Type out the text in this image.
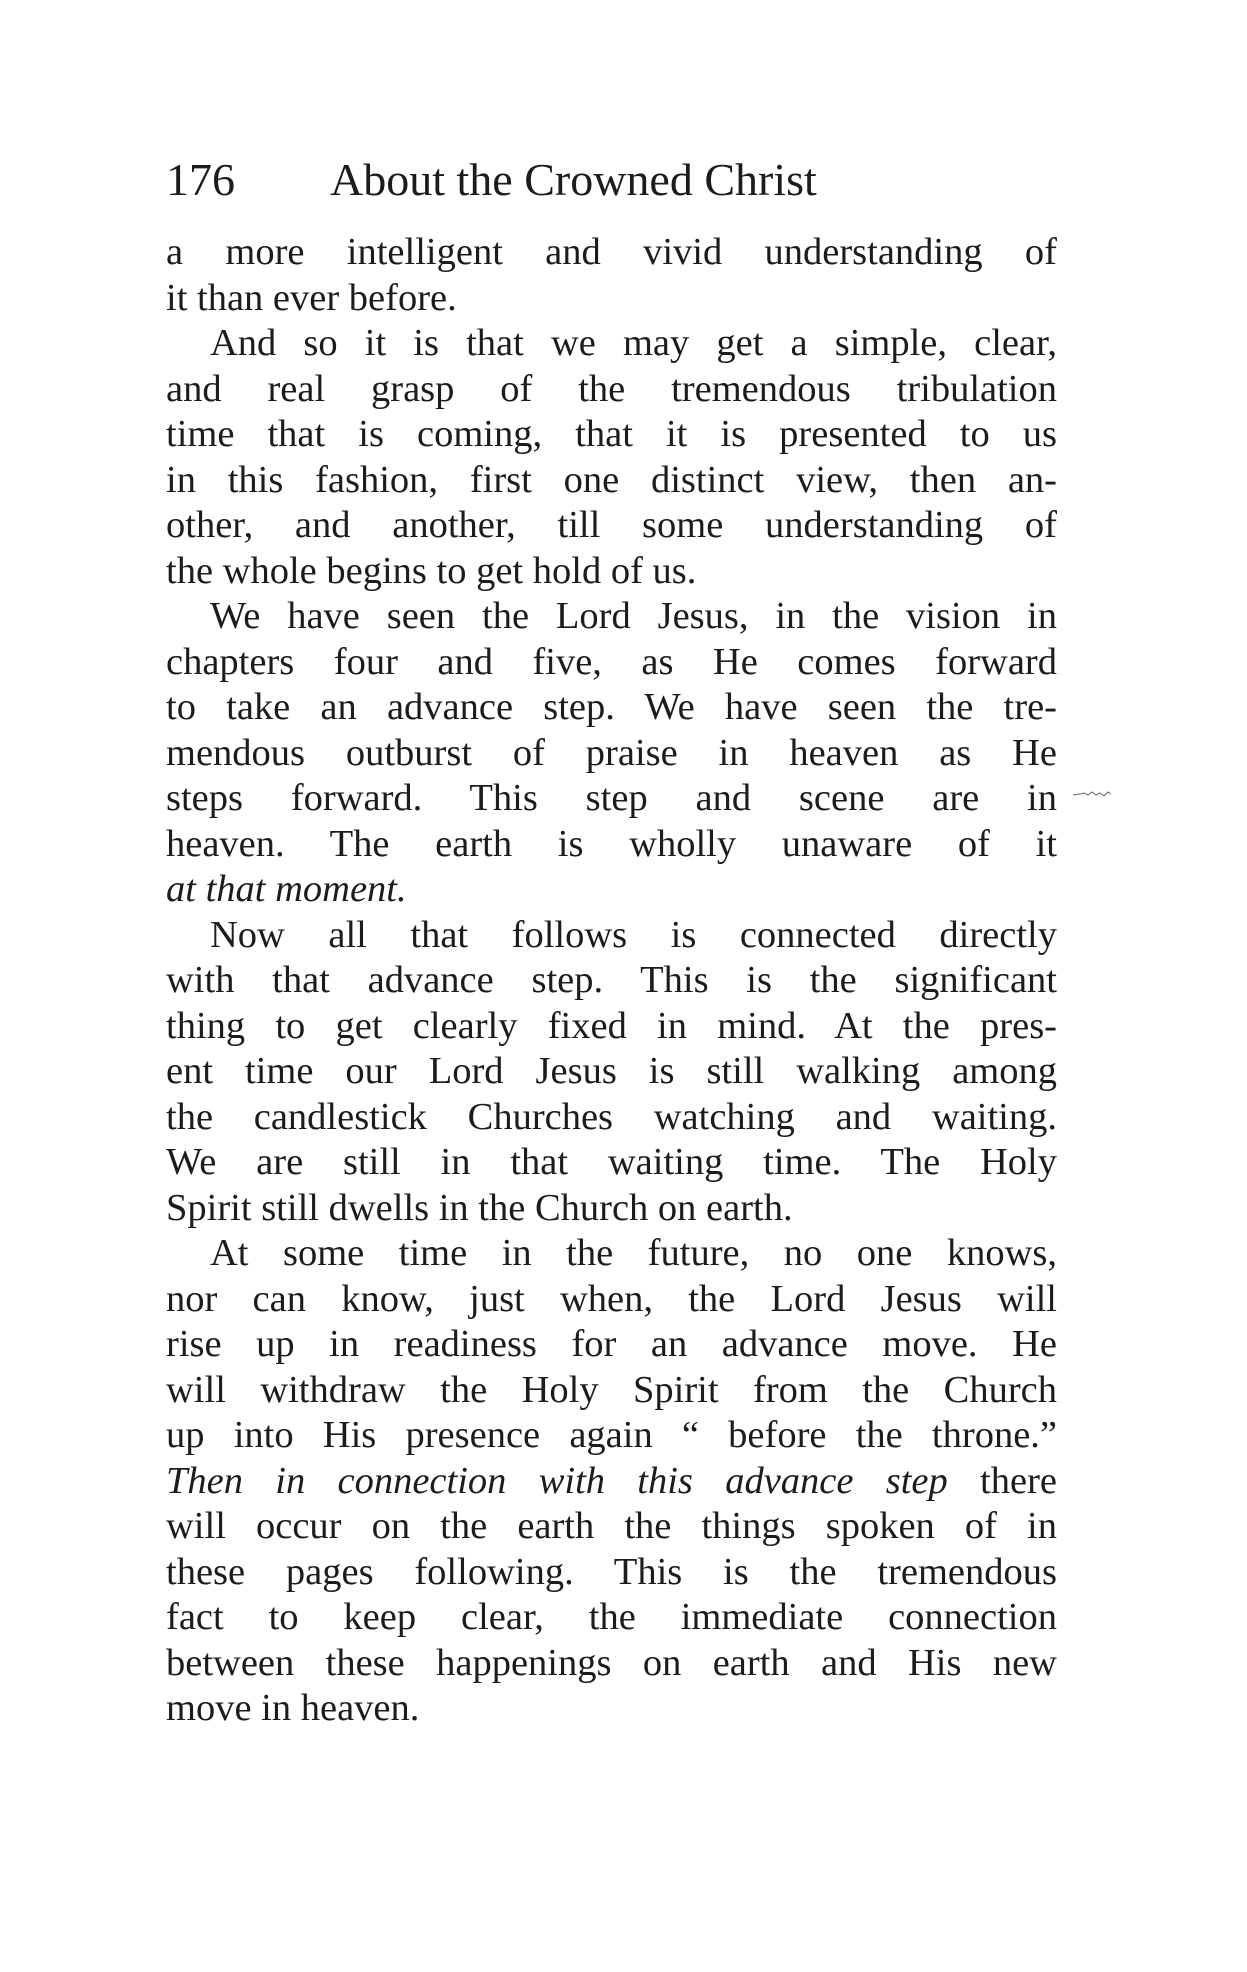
176 About the Crowned Christ
a more intelligent and vivid understanding of
it than ever before.
And so it is that we may get a simple, clear,
and real grasp of the tremendous tribulation
time that is coming, that it is presented to us
in this fashion, first one distinct view, then an-
other, and another, till some understanding of
the whole begins to get hold of us.
We have seen the Lord Jesus, in the vision in
chapters four and five, as He comes forward
to take an advance step. We have seen the tre-
mendous outburst of praise in heaven as He
steps forward. This step and scene are in
heaven. The earth is wholly unaware of it
at that moment.
Now all that follows is connected directly
with that advance step. This is the significant
thing to get clearly fixed in mind. At the pres-
ent time our Lord Jesus is still walking among
the candlestick Churches watching and waiting.
We are still in that waiting time. The Holy
Spirit still dwells in the Church on earth.
At some time in the future, no one knows,
nor can know, just when, the Lord Jesus will
rise up in readiness for an advance move. He
will withdraw the Holy Spirit from the Church
up into His presence again “ before the throne.”
Then in connection with this advance step there
will occur on the earth the things spoken of in
these pages following. This is the tremendous
fact to keep clear, the immediate connection
between these happenings on earth and His new
move in heaven.
